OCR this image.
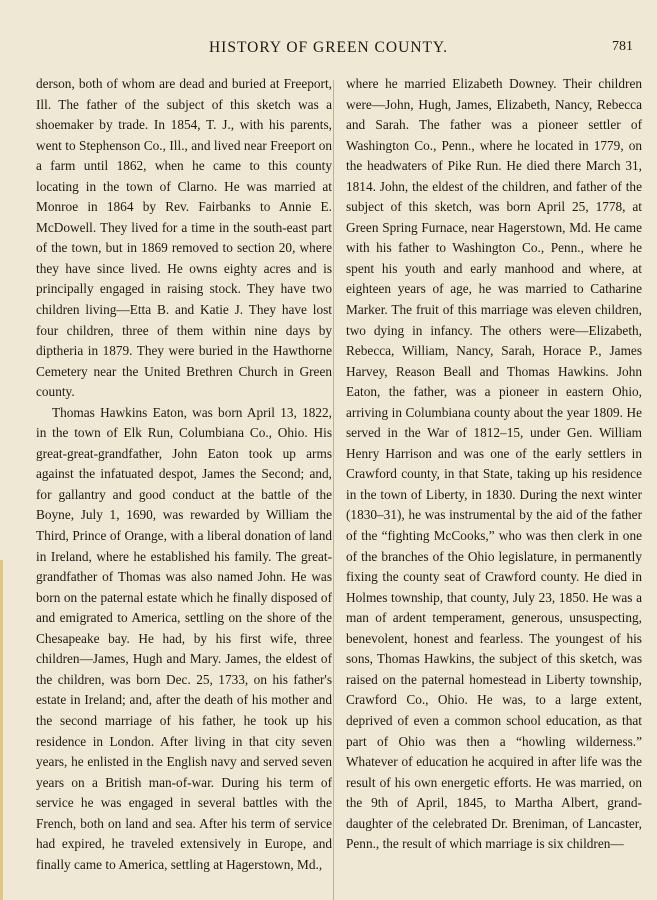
HISTORY OF GREEN COUNTY.	781

derson, both of whom are dead and buried at Freeport, Ill. The father of the subject of this sketch was a shoemaker by trade. In 1854, T. J., with his parents, went to Stephenson Co., Ill., and lived near Freeport on a farm until 1862, when he came to this county locating in the town of Clarno. He was married at Monroe in 1864 by Rev. Fairbanks to Annie E. McDowell. They lived for a time in the south-east part of the town, but in 1869 removed to section 20, where they have since lived. He owns eighty acres and is principally engaged in raising stock. They have two children living—Etta B. and Katie J. They have lost four children, three of them within nine days by diptheria in 1879. They were buried in the Hawthorne Cemetery near the United Brethren Church in Green county.

Thomas Hawkins Eaton, was born April 13, 1822, in the town of Elk Run, Columbiana Co., Ohio. His great-great-grandfather, John Eaton took up arms against the infatuated despot, James the Second; and, for gallantry and good conduct at the battle of the Boyne, July 1, 1690, was rewarded by William the Third, Prince of Orange, with a liberal donation of land in Ireland, where he established his family. The great-grandfather of Thomas was also named John. He was born on the paternal estate which he finally disposed of and emigrated to America, settling on the shore of the Chesapeake bay. He had, by his first wife, three children—James, Hugh and Mary. James, the eldest of the children, was born Dec. 25, 1733, on his father's estate in Ireland; and, after the death of his mother and the second marriage of his father, he took up his residence in London. After living in that city seven years, he enlisted in the English navy and served seven years on a British man-of-war. During his term of service he was engaged in several battles with the French, both on land and sea. After his term of service had expired, he traveled extensively in Europe, and finally came to America, settling at Hagerstown, Md.,

where he married Elizabeth Downey. Their children were—John, Hugh, James, Elizabeth, Nancy, Rebecca and Sarah. The father was a pioneer settler of Washington Co., Penn., where he located in 1779, on the headwaters of Pike Run. He died there March 31, 1814. John, the eldest of the children, and father of the subject of this sketch, was born April 25, 1778, at Green Spring Furnace, near Hagerstown, Md. He came with his father to Washington Co., Penn., where he spent his youth and early manhood and where, at eighteen years of age, he was married to Catharine Marker. The fruit of this marriage was eleven children, two dying in infancy. The others were—Elizabeth, Rebecca, William, Nancy, Sarah, Horace P., James Harvey, Reason Beall and Thomas Hawkins. John Eaton, the father, was a pioneer in eastern Ohio, arriving in Columbiana county about the year 1809. He served in the War of 1812–15, under Gen. William Henry Harrison and was one of the early settlers in Crawford county, in that State, taking up his residence in the town of Liberty, in 1830. During the next winter (1830–31), he was instrumental by the aid of the father of the “fighting McCooks,” who was then clerk in one of the branches of the Ohio legislature, in permanently fixing the county seat of Crawford county. He died in Holmes township, that county, July 23, 1850. He was a man of ardent temperament, generous, unsuspecting, benevolent, honest and fearless. The youngest of his sons, Thomas Hawkins, the subject of this sketch, was raised on the paternal homestead in Liberty township, Crawford Co., Ohio. He was, to a large extent, deprived of even a common school education, as that part of Ohio was then a “howling wilderness.” Whatever of education he acquired in after life was the result of his own energetic efforts. He was married, on the 9th of April, 1845, to Martha Albert, grand-daughter of the celebrated Dr. Breniman, of Lancaster, Penn., the result of which marriage is six children—
